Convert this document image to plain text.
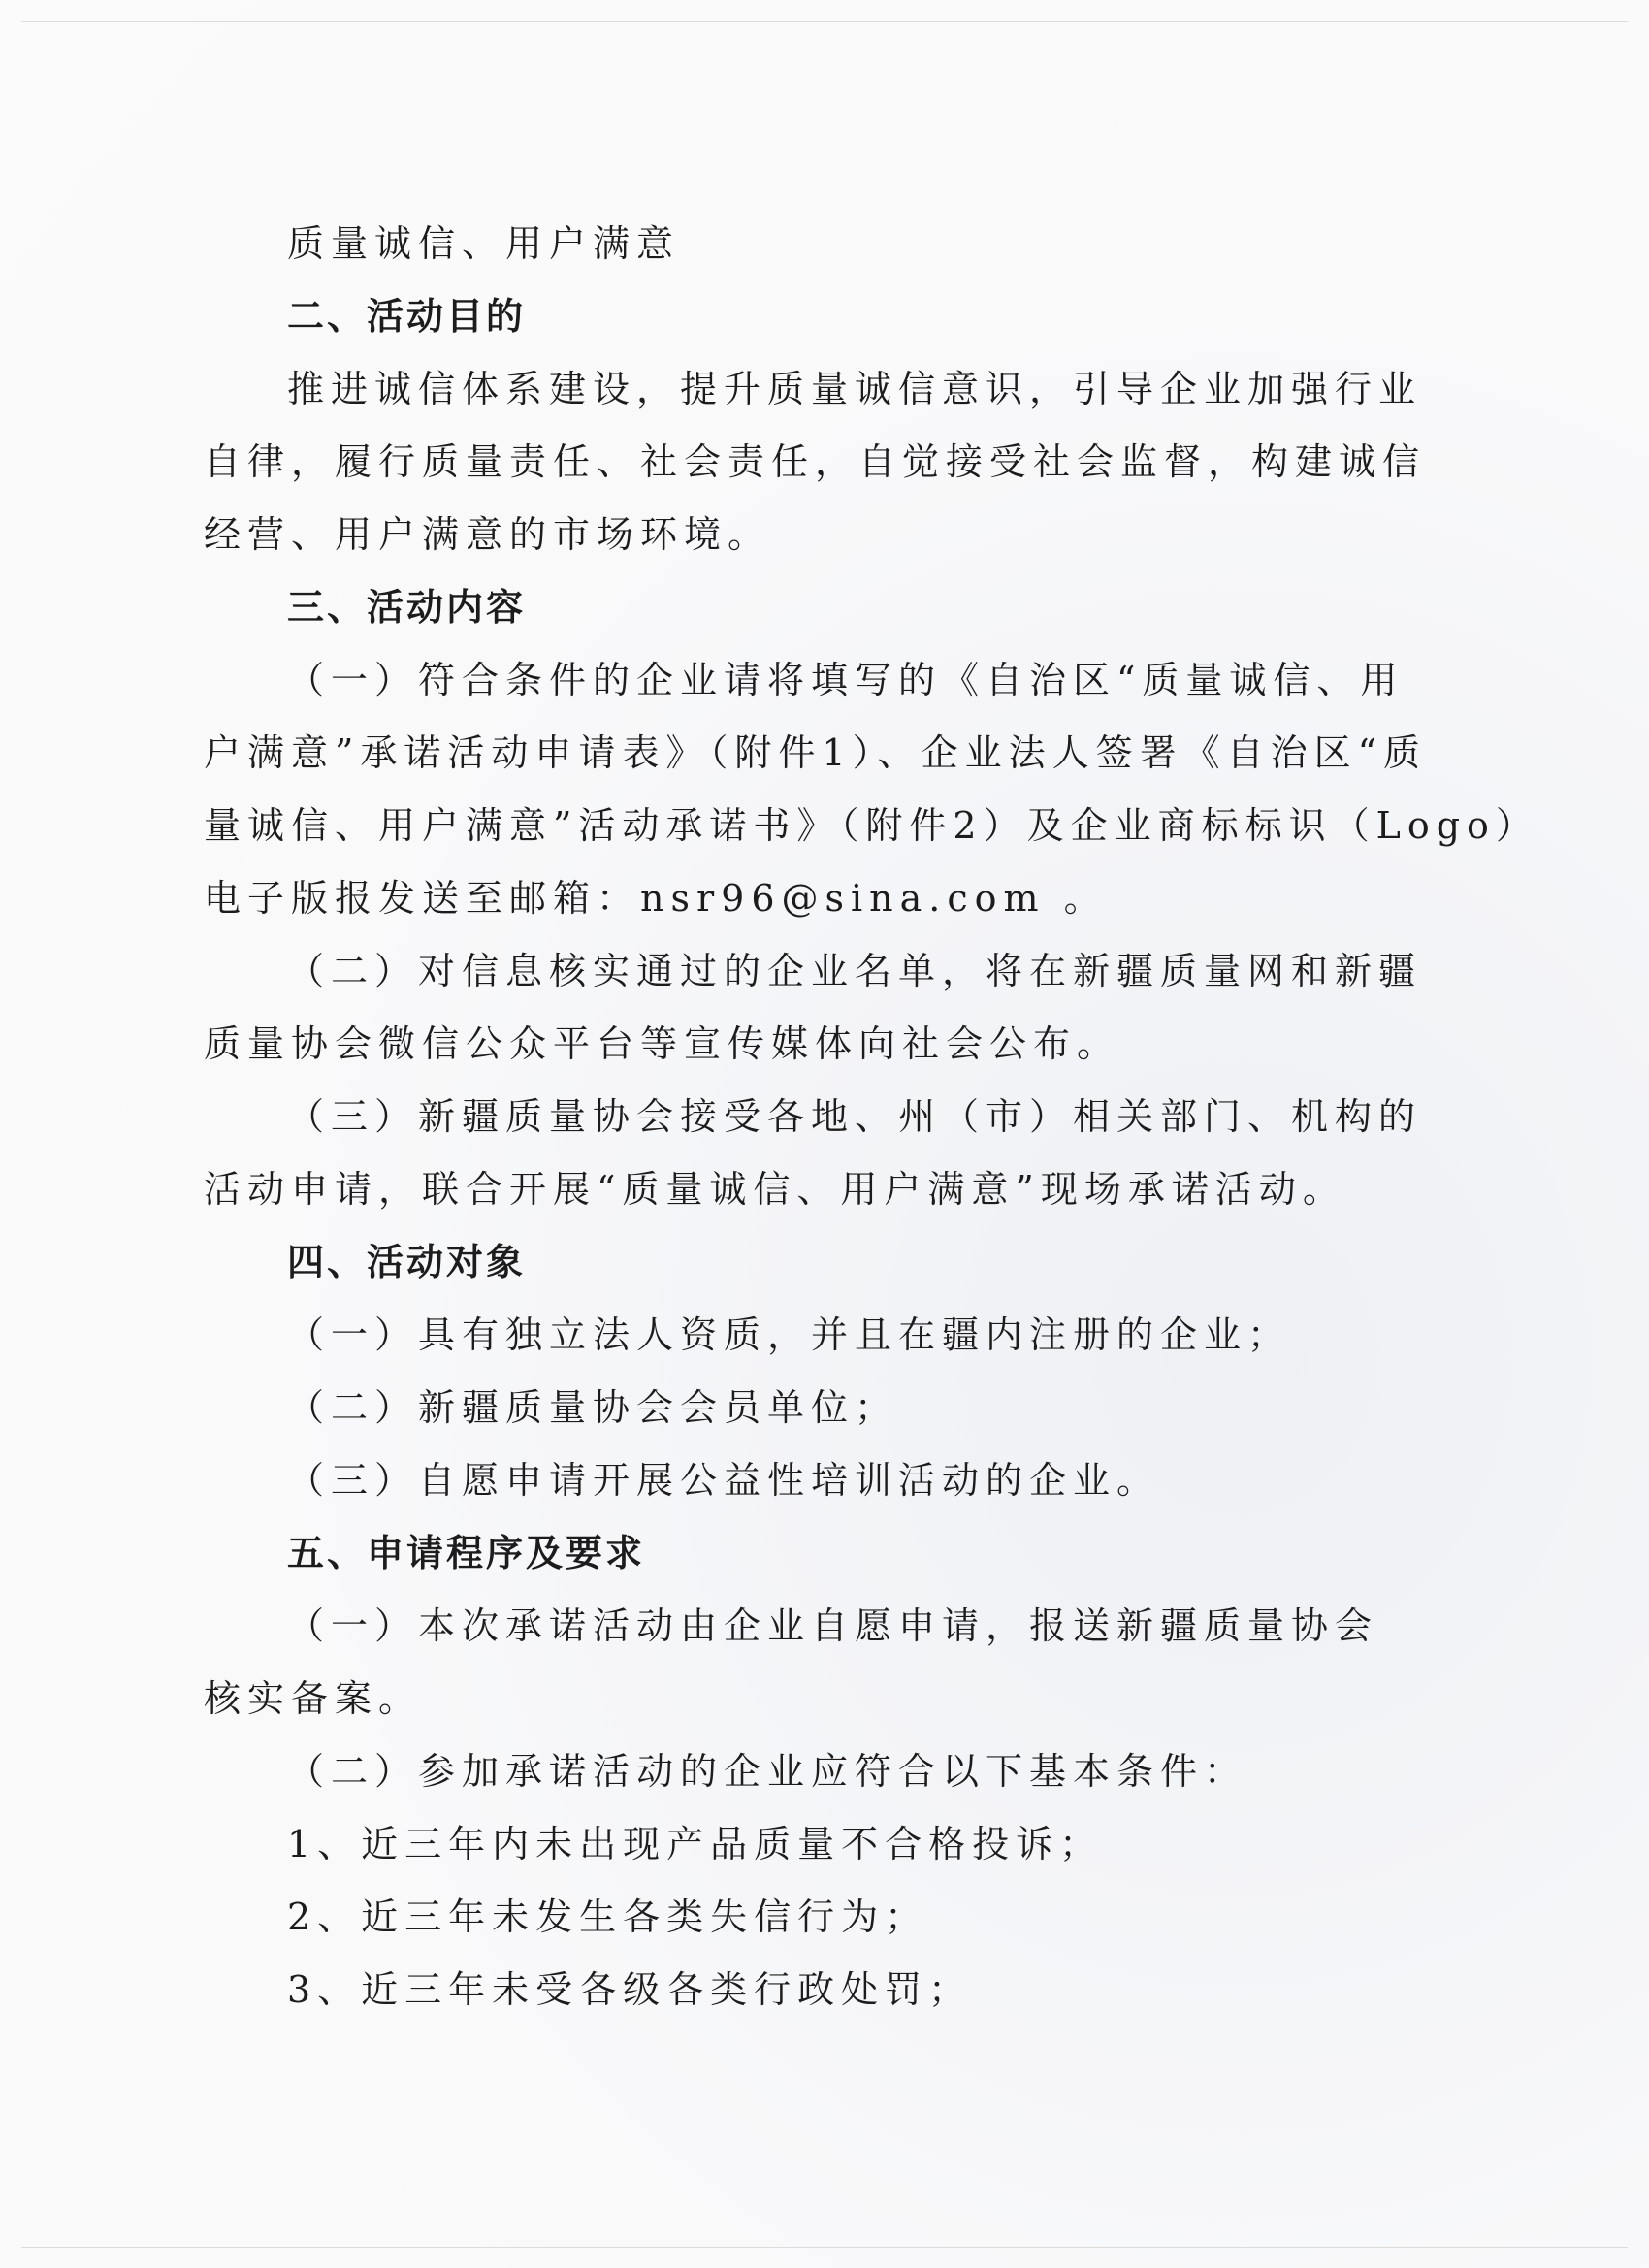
质量诚信、用户满意
二、活动目的
推进诚信体系建设，提升质量诚信意识，引导企业加强行业
自律，履行质量责任、社会责任，自觉接受社会监督，构建诚信
经营、用户满意的市场环境。
三、活动内容
（一）符合条件的企业请将填写的《自治区“质量诚信、用
户满意”承诺活动申请表》（附件1）、企业法人签署《自治区“质
量诚信、用户满意”活动承诺书》（附件2）及企业商标标识（Logo）
电子版报发送至邮箱：nsr96@sina.com 。
（二）对信息核实通过的企业名单，将在新疆质量网和新疆
质量协会微信公众平台等宣传媒体向社会公布。
（三）新疆质量协会接受各地、州（市）相关部门、机构的
活动申请，联合开展“质量诚信、用户满意”现场承诺活动。
四、活动对象
（一）具有独立法人资质，并且在疆内注册的企业；
（二）新疆质量协会会员单位；
（三）自愿申请开展公益性培训活动的企业。
五、申请程序及要求
（一）本次承诺活动由企业自愿申请，报送新疆质量协会
核实备案。
（二）参加承诺活动的企业应符合以下基本条件：
1、近三年内未出现产品质量不合格投诉；
2、近三年未发生各类失信行为；
3、近三年未受各级各类行政处罚；
